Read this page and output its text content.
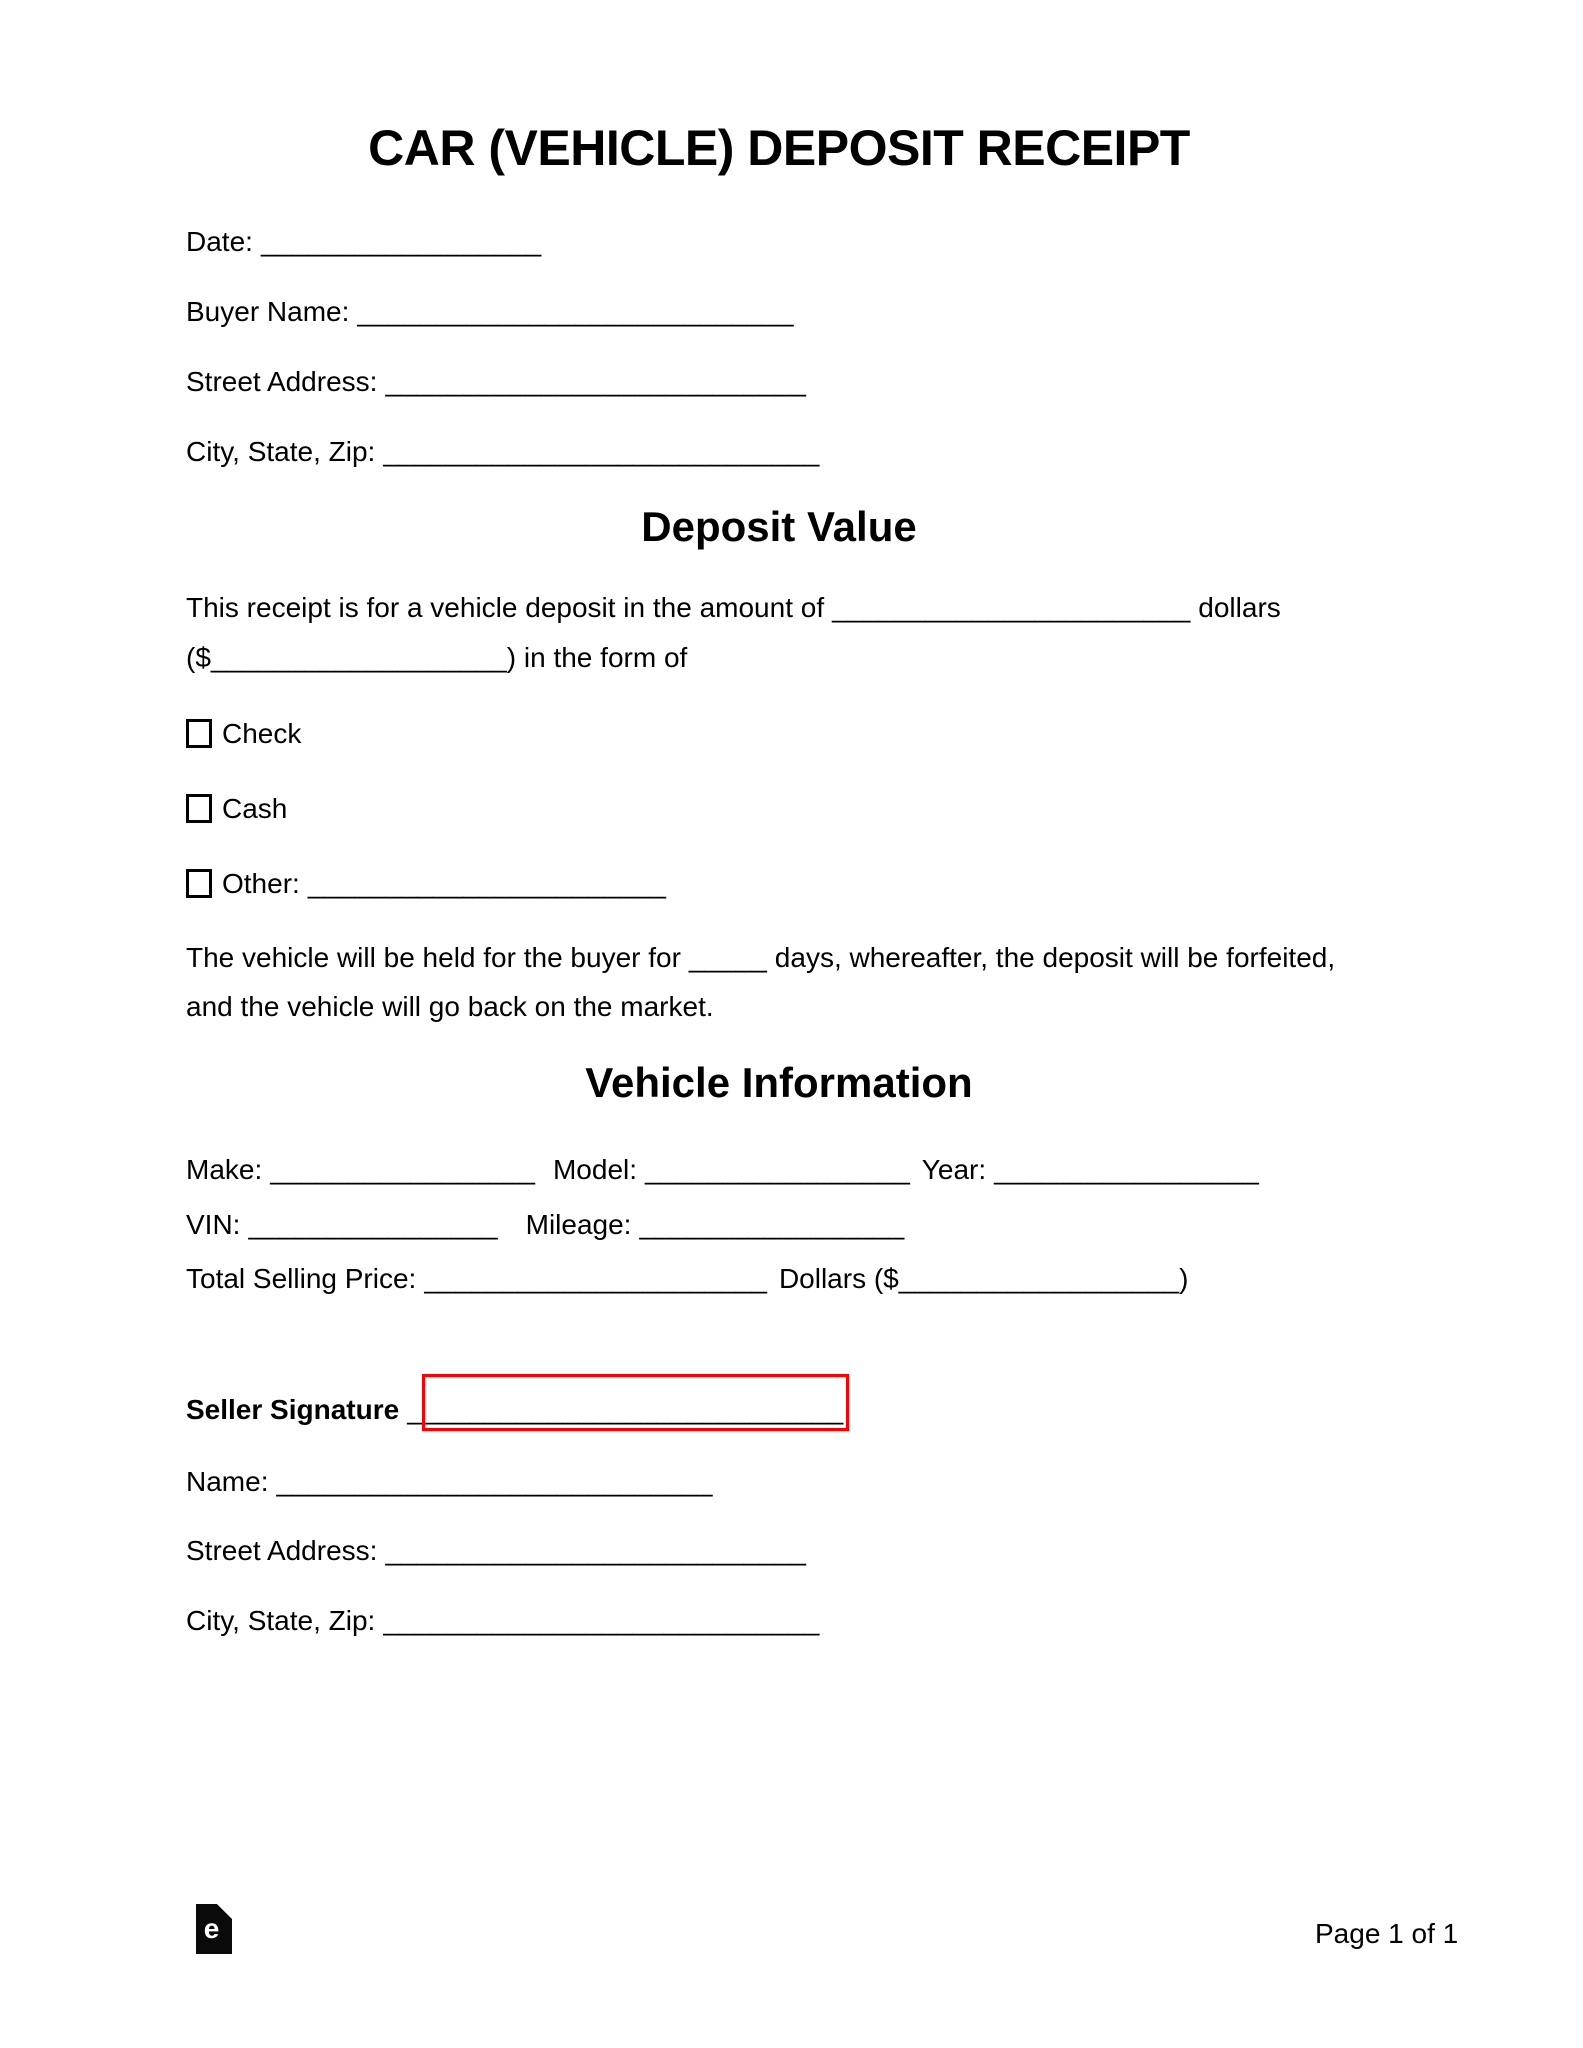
CAR (VEHICLE) DEPOSIT RECEIPT
Date: __________________
Buyer Name: ____________________________
Street Address: ___________________________
City, State, Zip: ____________________________
Deposit Value
This receipt is for a vehicle deposit in the amount of _______________________ dollars
($___________________) in the form of
Check
Cash
Other: _______________________
The vehicle will be held for the buyer for _____ days, whereafter, the deposit will be forfeited,
and the vehicle will go back on the market.
Vehicle Information
Make: _________________ Model: _________________ Year: _________________
VIN: ________________ Mileage: _________________
Total Selling Price: ______________________ Dollars ($__________________)
Seller Signature ____________________________
Name: ____________________________
Street Address: ___________________________
City, State, Zip: ____________________________
e	Page 1 of 1
